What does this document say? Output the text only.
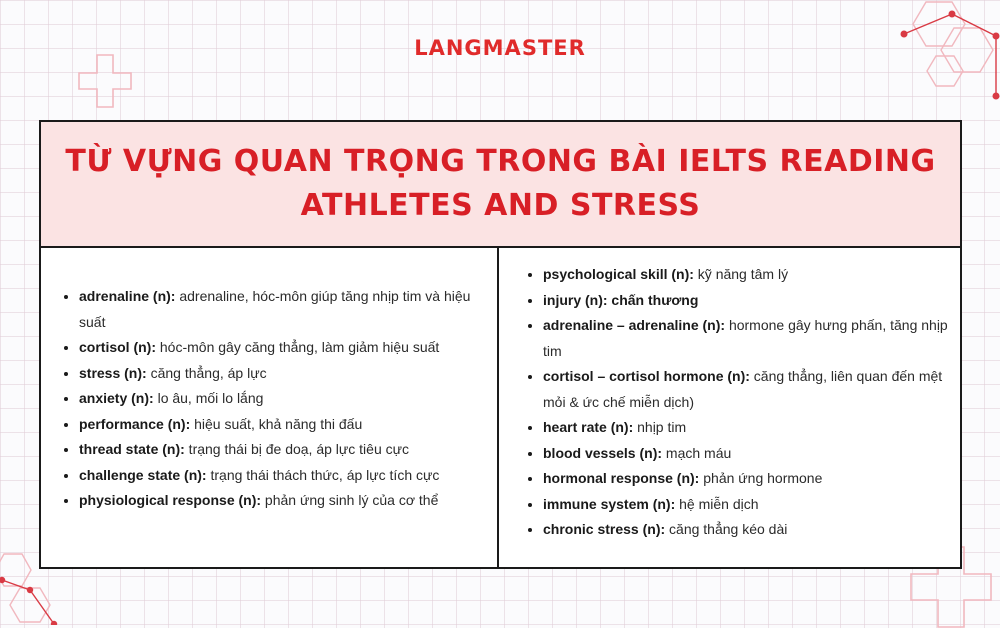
LANGMASTER
TỪ VỰNG QUAN TRỌNG TRONG BÀI IELTS READING
ATHLETES AND STRESS
• adrenaline (n): adrenaline, hóc-môn giúp tăng nhịp tim và hiệu suất
• cortisol (n): hóc-môn gây căng thẳng, làm giảm hiệu suất
• stress (n): căng thẳng, áp lực
• anxiety (n): lo âu, mối lo lắng
• performance (n): hiệu suất, khả năng thi đấu
• thread state (n): trạng thái bị đe doạ, áp lực tiêu cực
• challenge state (n): trạng thái thách thức, áp lực tích cực
• physiological response (n): phản ứng sinh lý của cơ thể
• psychological skill (n): kỹ năng tâm lý
• injury (n): chấn thương
• adrenaline – adrenaline (n): hormone gây hưng phấn, tăng nhịp tim
• cortisol – cortisol hormone (n): căng thẳng, liên quan đến mệt mỏi & ức chế miễn dịch)
• heart rate (n): nhịp tim
• blood vessels (n): mạch máu
• hormonal response (n): phản ứng hormone
• immune system (n): hệ miễn dịch
• chronic stress (n): căng thẳng kéo dài
